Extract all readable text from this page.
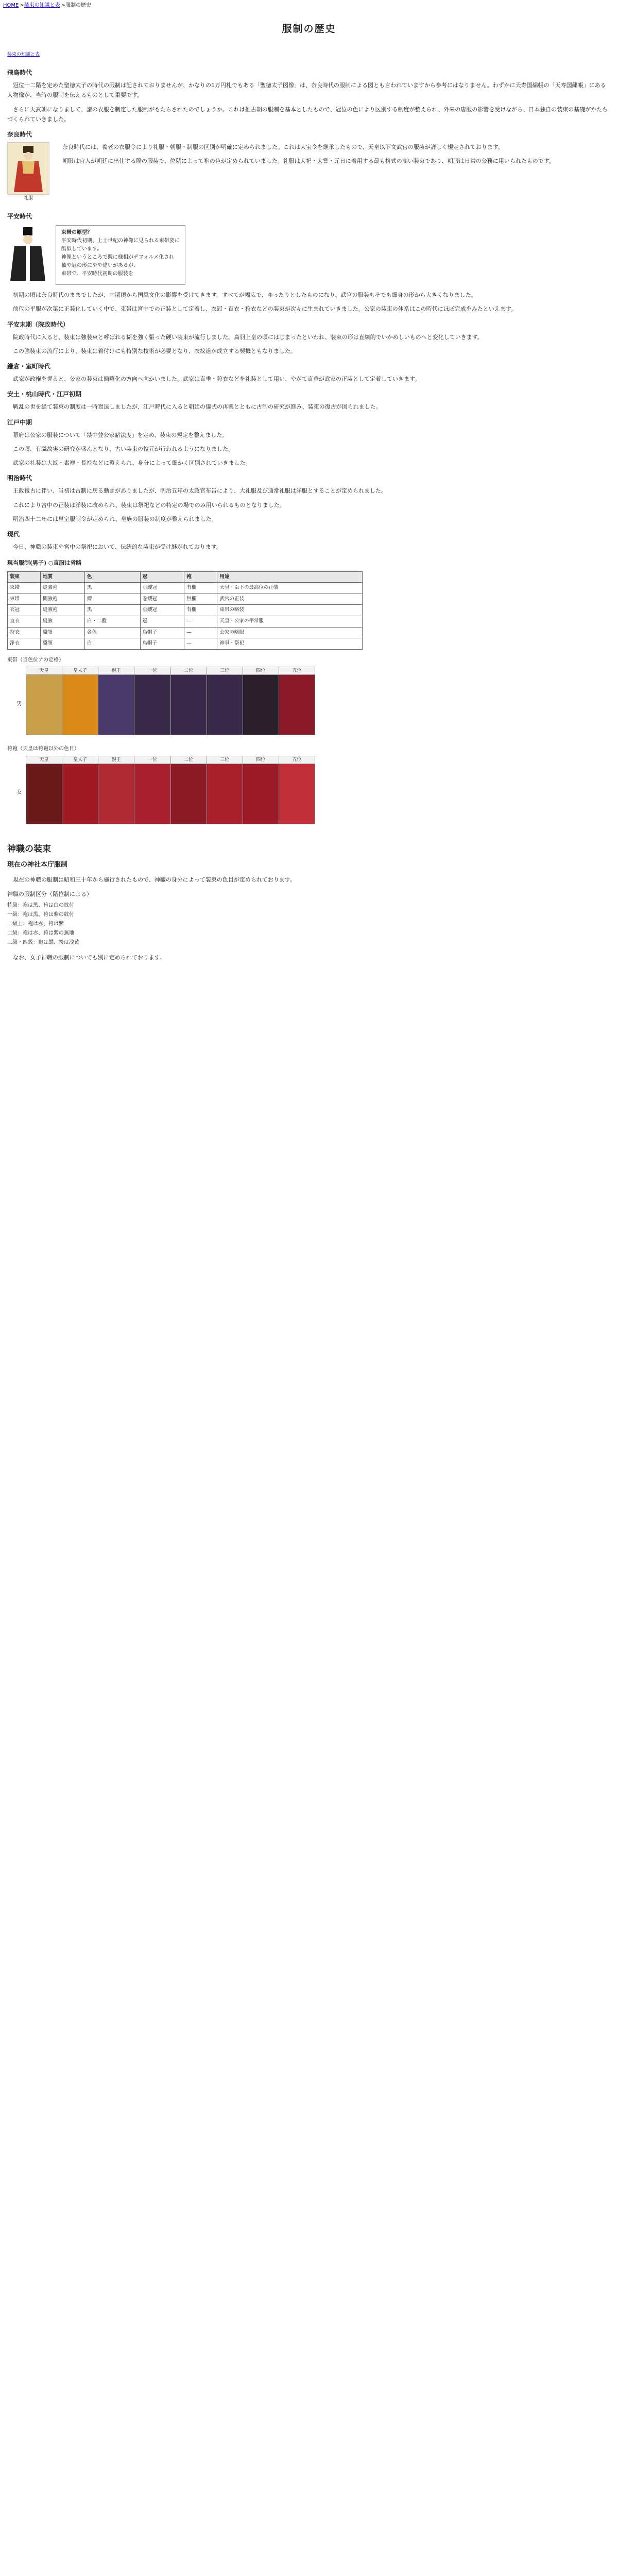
HOME >装束の知識と表 >服制の歴史
服制の歴史
装束の知識と表
飛鳥時代

冠位十二階を定めた聖徳太子の時代の服制は記されておりませんが、かなりの1万円札でもある「聖徳太子図像」は、奈良時代の服制による図とも言われていますから参考にはなりません。わずかに天寿国繍帳の「天寿国繍帳」にある人物像が、当時の服制を伝えるものとして重要です。

さらに天武朝になりまして、諸の衣服を制定した服制がもたらされたのでしょうか。これは推古朝の服制を基本としたもので、冠位の色により区別する制度が整えられ、外来の唐服の影響を受けながら、日本独自の装束の基礎がかたちづくられていきました。

奈良時代
礼服

奈良時代には、養老の衣服令により礼服・朝服・制服の区別が明確に定められました。これは大宝令を継承したもので、天皇以下文武官の服装が詳しく規定されております。

朝服は官人が朝廷に出仕する際の服装で、位階によって袍の色が定められていました。礼服は大祀・大嘗・元日に着用する最も格式の高い装束であり、朝服は日常の公務に用いられたものです。

平安時代
束帯の原型？
平安時代初期、上士世紀の神像に見られる束帯姿に
酷似しています。
神像というところで既に様相がデフォルメ化され
袖や冠の形にやや違いがあるが、
束帯で、平安時代初期の服装を

初期の頃は奈良時代のままでしたが、中期頃から国風文化の影響を受けてきます。すべてが幅広で、ゆったりとしたものになり、武官の服装もそでも細身の形から大きくなりました。

前代の平服が次第に正装化していく中で、束帯は宮中での正装として定着し、衣冠・直衣・狩衣などの装束が次々に生まれていきました。公家の装束の体系はこの時代にほぼ完成をみたといえます。

平安末期（院政時代）

院政時代に入ると、装束は強装束と呼ばれる糊を強く張った硬い装束が流行しました。鳥羽上皇の頃にはじまったといわれ、装束の形は直線的でいかめしいものへと変化していきます。

この強装束の流行により、装束は着付けにも特別な技術が必要となり、衣紋道が成立する契機ともなりました。

鎌倉・室町時代

武家が政権を握ると、公家の装束は簡略化の方向へ向かいました。武家は直垂・狩衣などを礼装として用い、やがて直垂が武家の正装として定着していきます。

安土・桃山時代・江戸初期

戦乱の世を経て装束の制度は一時衰退しましたが、江戸時代に入ると朝廷の儀式の再興とともに古制の研究が進み、装束の復古が図られました。

江戸中期

幕府は公家の服装について「禁中並公家諸法度」を定め、装束の規定を整えました。

この頃、有職故実の研究が盛んとなり、古い装束の復元が行われるようになりました。

武家の礼装は大紋・素襖・長裃などに整えられ、身分によって細かく区別されていきました。

明治時代

王政復古に伴い、当初は古制に戻る動きがありましたが、明治五年の太政官布告により、大礼服及び通常礼服は洋服とすることが定められました。

これにより宮中の正装は洋装に改められ、装束は祭祀などの特定の場でのみ用いられるものとなりました。

明治四十二年には皇室服制令が定められ、皇族の服装の制度が整えられました。

現代

今日、神職の装束や宮中の祭祀において、伝統的な装束が受け継がれております。

現当服制(男子) ○直服は省略
装束	地質	色	冠	袍	用途
束帯	縫腋袍	黒	垂纓冠	有欄	天皇・臣下の最高位の正装
束帯	闕腋袍	縹	巻纓冠	無欄	武官の正装
衣冠	縫腋袍	黒	垂纓冠	有欄	束帯の略装
直衣	縫腋	白・二藍	冠	—	天皇・公家の平常服
狩衣	盤領	各色	烏帽子	—	公家の略服
浄衣	盤領	白	烏帽子	—	神事・祭祀
束帯（当色位アの定格）
男
天皇	皇太子	親王	一位	二位	三位	四位	五位
袴袍（天皇は袴袍以外の色目）
女
天皇	皇太子	親王	一位	二位	三位	四位	五位
神職の装束
現在の神社本庁服制

現在の神職の服制は昭和三十年から施行されたもので、神職の身分によって装束の色目が定められております。

神職の服制区分（階位制による）
特級：袍は黒、袴は白の紋付
一級：袍は黒、袴は紫の紋付
二級上：袍は赤、袴は紫
二級：袍は赤、袴は紫の無地
三級・四級：袍は縹、袴は浅黄

なお、女子神職の服制についても別に定められております。
